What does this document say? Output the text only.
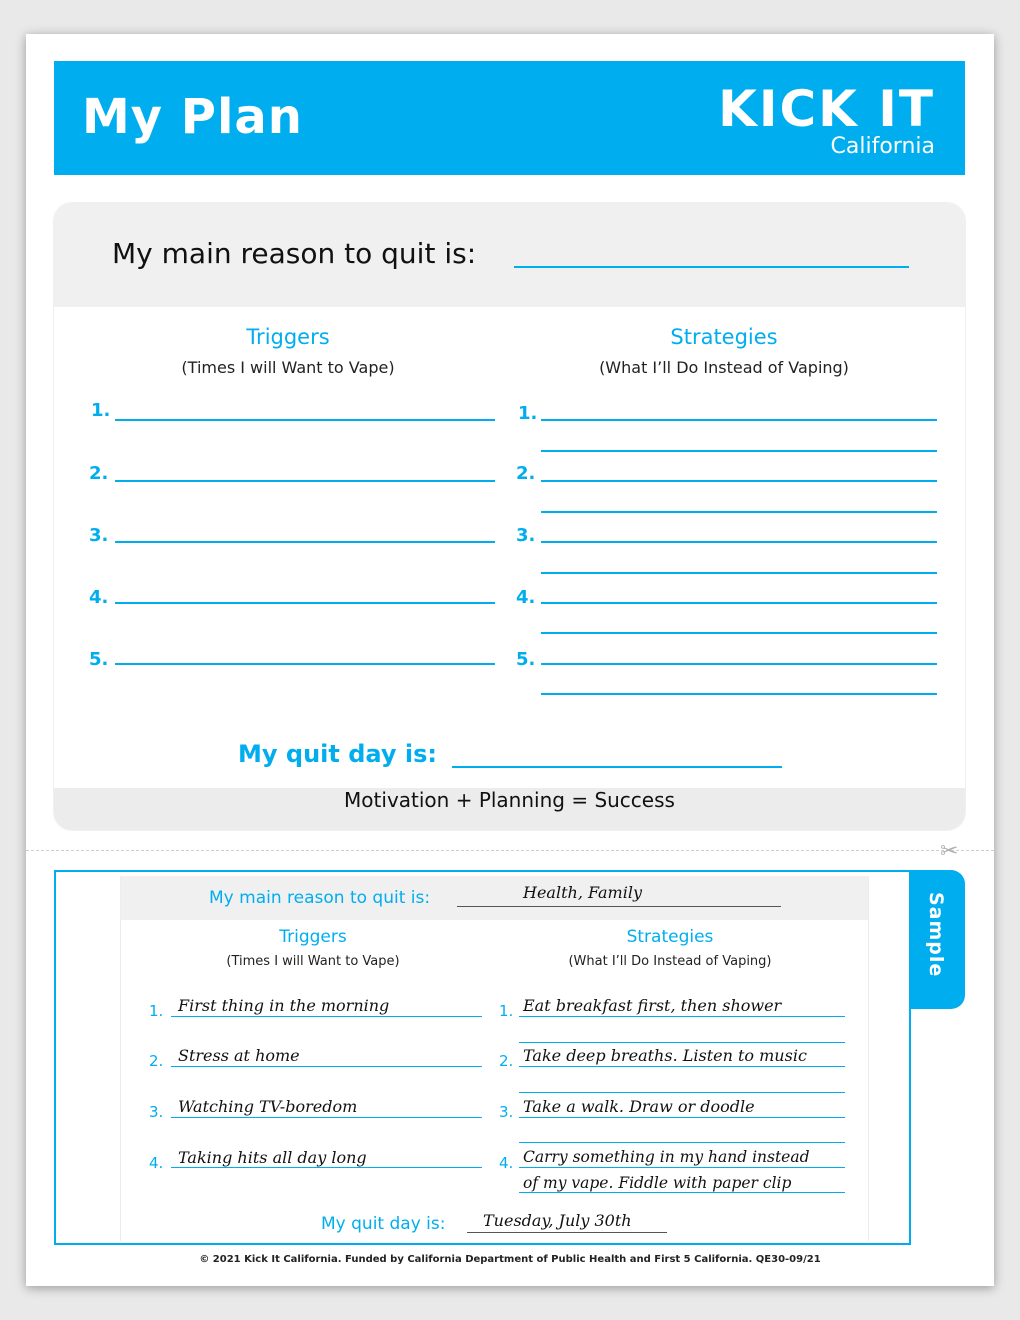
My Plan	KICK IT
California
My main reason to quit is:
Triggers
(Times I will Want to Vape)
Strategies
(What I’ll Do Instead of Vaping)
1.
2.
3.
4.
5.
1.
2.
3.
4.
5.
My quit day is:
Motivation + Planning = Success
✂
My main reason to quit is:	Health, Family
Triggers
(Times I will Want to Vape)
Strategies
(What I’ll Do Instead of Vaping)
1. First thing in the morning
2. Stress at home
3. Watching TV-boredom
4. Taking hits all day long
1. Eat breakfast first, then shower
2. Take deep breaths. Listen to music
3. Take a walk. Draw or doodle
4. Carry something in my hand instead
of my vape. Fiddle with paper clip
My quit day is: Tuesday, July 30th
Sample
© 2021 Kick It California. Funded by California Department of Public Health and First 5 California. QE30-09/21
